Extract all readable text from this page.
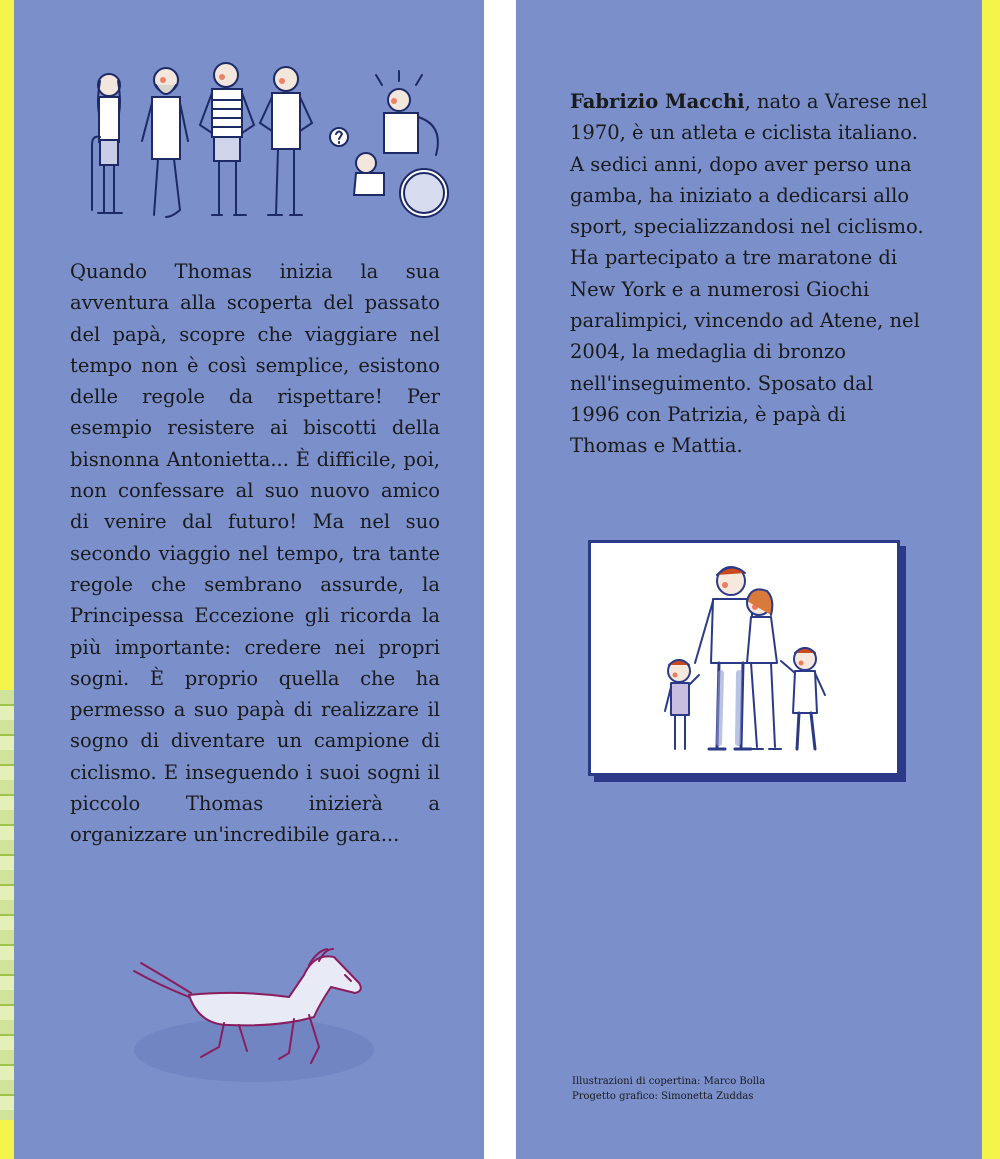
Quando Thomas inizia la sua avventura alla scoperta del passato del papà, scopre che viaggiare nel tempo non è così semplice, esistono delle regole da rispettare! Per esempio resistere ai biscotti della bisnonna Antonietta... È difficile, poi, non confessare al suo nuovo amico di venire dal futuro! Ma nel suo secondo viaggio nel tempo, tra tante regole che sembrano assurde, la Principessa Eccezione gli ricorda la più importante: credere nei propri sogni. È proprio quella che ha permesso a suo papà di realizzare il sogno di diventare un campione di ciclismo. E inseguendo i suoi sogni il piccolo Thomas inizierà a organizzare un'incredibile gara...

Fabrizio Macchi, nato a Varese nel 1970, è un atleta e ciclista italiano. A sedici anni, dopo aver perso una gamba, ha iniziato a dedicarsi allo sport, specializzandosi nel ciclismo. Ha partecipato a tre maratone di New York e a numerosi Giochi paralimpici, vincendo ad Atene, nel 2004, la medaglia di bronzo nell'inseguimento. Sposato dal 1996 con Patrizia, è papà di Thomas e Mattia.

Illustrazioni di copertina: Marco Bolla
Progetto grafico: Simonetta Zuddas
